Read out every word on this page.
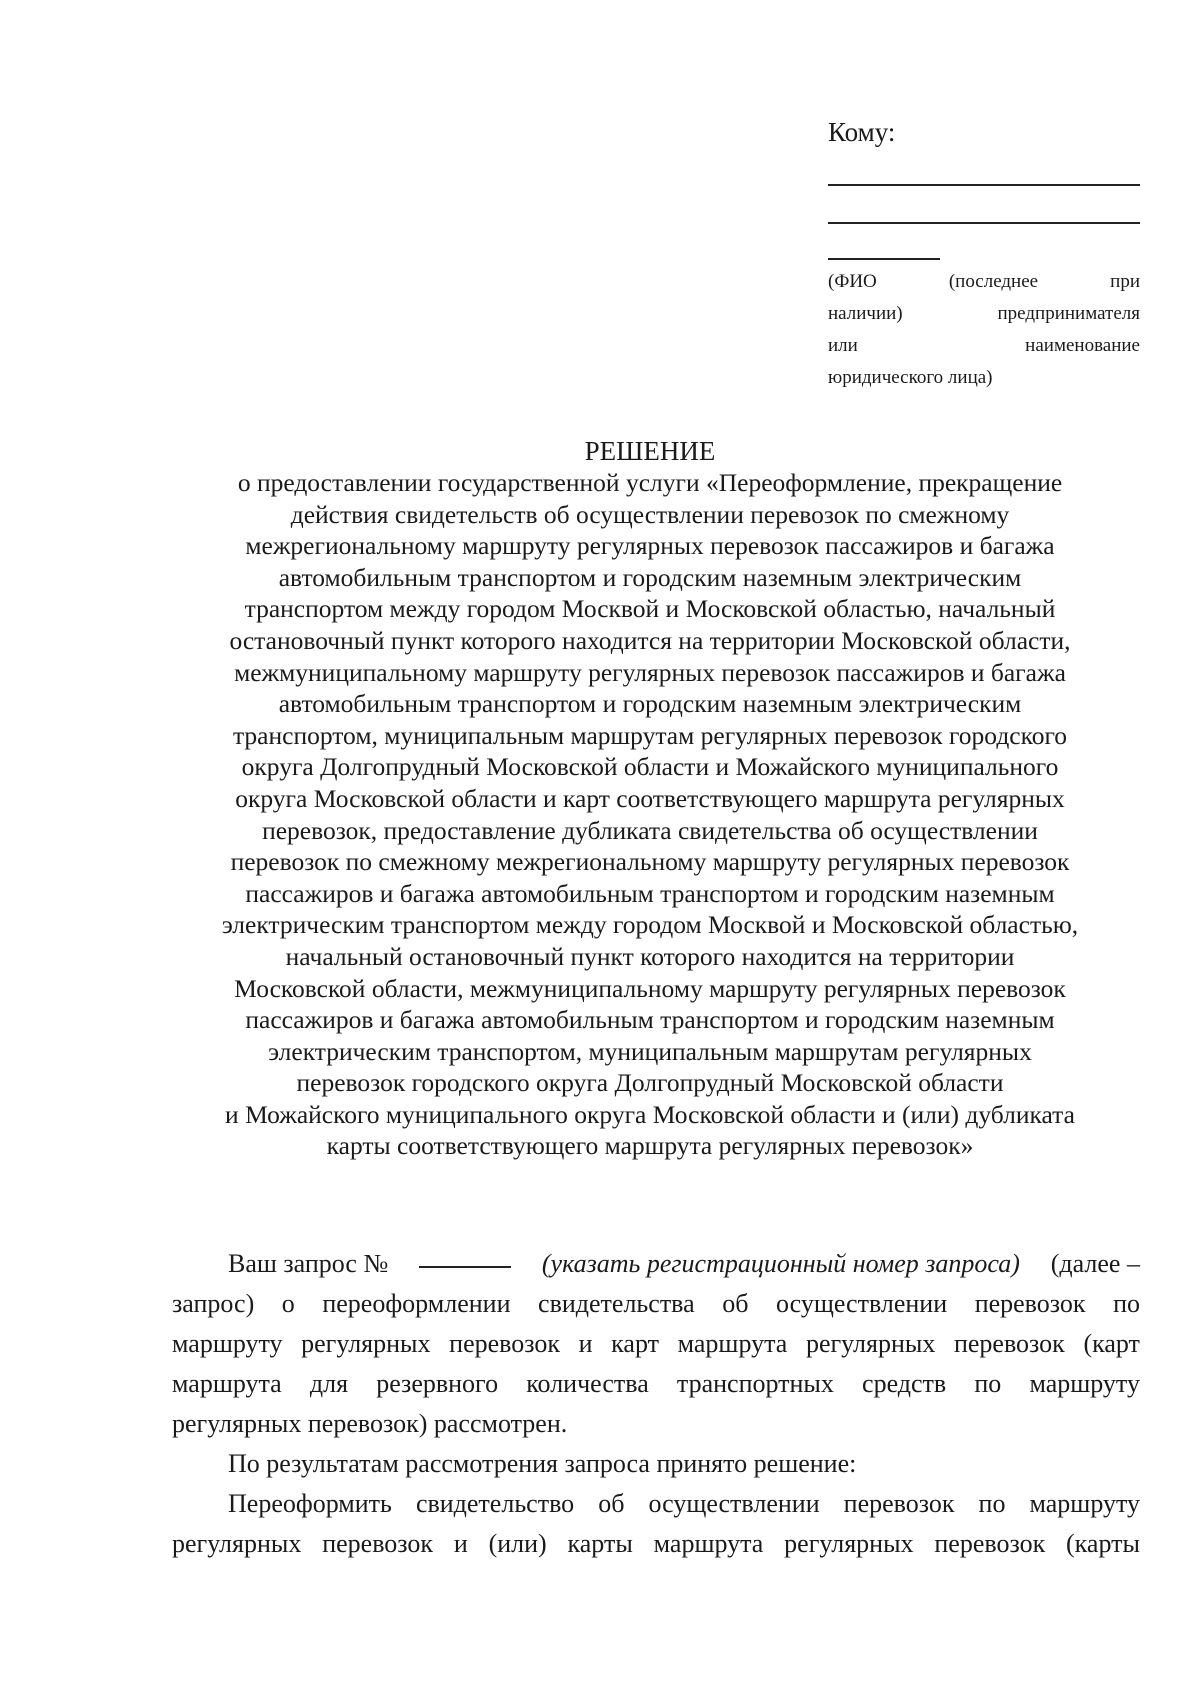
Кому:

(ФИО	(последнее	при
наличии)	предпринимателя
или	наименование
юридического лица)

РЕШЕНИЕ

о предоставлении государственной услуги «Переоформление, прекращение
действия свидетельств об осуществлении перевозок по смежному
межрегиональному маршруту регулярных перевозок пассажиров и багажа
автомобильным транспортом и городским наземным электрическим
транспортом между городом Москвой и Московской областью, начальный
остановочный пункт которого находится на территории Московской области,
межмуниципальному маршруту регулярных перевозок пассажиров и багажа
автомобильным транспортом и городским наземным электрическим
транспортом, муниципальным маршрутам регулярных перевозок городского
округа Долгопрудный Московской области и Можайского муниципального
округа Московской области и карт соответствующего маршрута регулярных
перевозок, предоставление дубликата свидетельства об осуществлении
перевозок по смежному межрегиональному маршруту регулярных перевозок
пассажиров и багажа автомобильным транспортом и городским наземным
электрическим транспортом между городом Москвой и Московской областью,
начальный остановочный пункт которого находится на территории
Московской области, межмуниципальному маршруту регулярных перевозок
пассажиров и багажа автомобильным транспортом и городским наземным
электрическим транспортом, муниципальным маршрутам регулярных
перевозок городского округа Долгопрудный Московской области
и Можайского муниципального округа Московской области и (или) дубликата
карты соответствующего маршрута регулярных перевозок»

Ваш запрос №	(указать регистрационный номер запроса) (далее –
запрос) о переоформлении свидетельства об осуществлении перевозок по
маршруту регулярных перевозок и карт маршрута регулярных перевозок (карт
маршрута для резервного количества транспортных средств по маршруту
регулярных перевозок) рассмотрен.
По результатам рассмотрения запроса принято решение:
Переоформить свидетельство об осуществлении перевозок по маршруту
регулярных перевозок и (или) карты маршрута регулярных перевозок (карты
